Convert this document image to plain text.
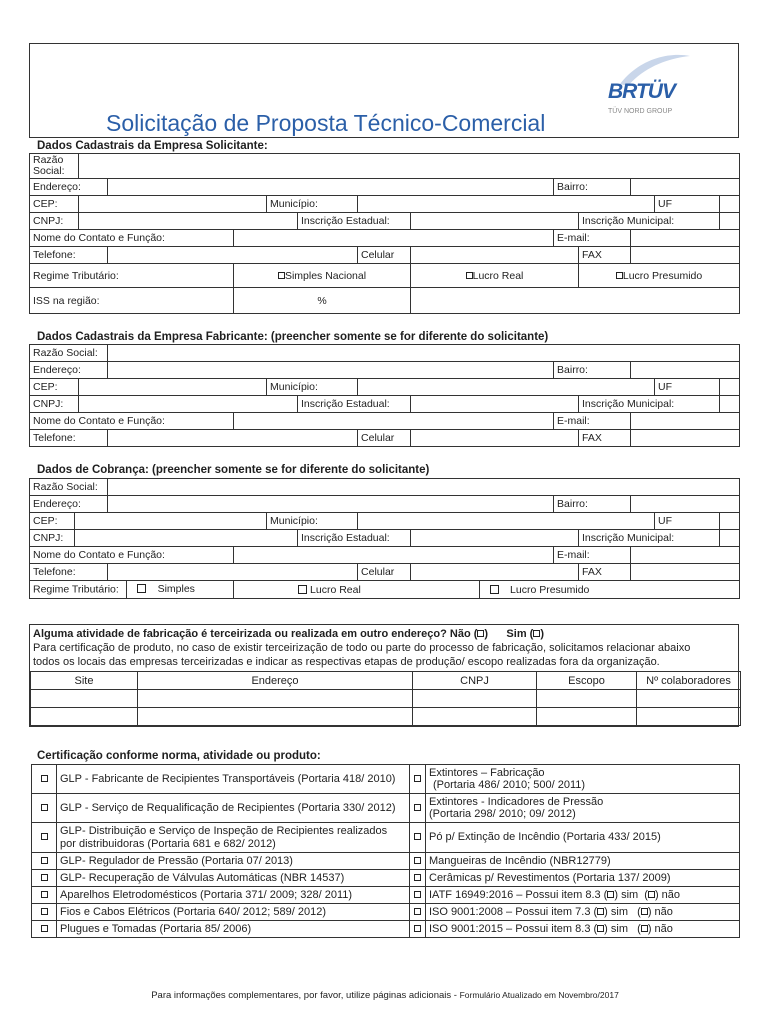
Solicitação de Proposta Técnico-Comercial
BRTÜV
TÜV NORD GROUP
Dados Cadastrais da Empresa Solicitante:
Razão Social:												
Endereço:								Bairro:				
CEP:				Município:							UF	
CNPJ:					Inscrição Estadual:				Inscrição Municipal:			
Nome do Contato e Função:								E-mail:				
Telefone:						Celular			FAX			
Regime Tributário:			Simples Nacional				Lucro Real		Lucro Presumido			
ISS na região:			%									
Dados Cadastrais da Empresa Fabricante: (preencher somente se for diferente do solicitante)
Razão Social:												
Endereço:								Bairro:				
CEP:				Município:							UF	
CNPJ:					Inscrição Estadual:				Inscrição Municipal:			
Nome do Contato e Função:								E-mail:				
Telefone:						Celular			FAX			
Dados de Cobrança: (preencher somente se for diferente do solicitante)
Razão Social:													
Endereço:									Bairro:				
CEP:				Município:								UF	
CNPJ:					Inscrição Estadual:					Inscrição Municipal:			
Nome do Contato e Função:									E-mail:				
Telefone:						Celular				FAX			
Regime Tributário: Simples			Lucro Real					Lucro Presumido					
Alguma atividade de fabricação é terceirizada ou realizada em outro endereço? Não ( )      Sim ( )
Para certificação de produto, no caso de existir terceirização de todo ou parte do processo de fabricação, solicitamos relacionar abaixo todos os locais das empresas terceirizadas e indicar as respectivas etapas de produção/ escopo realizadas fora da organização.
Site	Endereço	CNPJ	Escopo	Nº colaboradores

Certificação conforme norma, atividade ou produto:
	GLP - Fabricante de Recipientes Transportáveis (Portaria 418/ 2010)		Extintores – Fabricação
(Portaria 486/ 2010; 500/ 2011)
	GLP - Serviço de Requalificação de Recipientes (Portaria 330/ 2012)		Extintores - Indicadores de Pressão
(Portaria 298/ 2010; 09/ 2012)
	GLP- Distribuição e Serviço de Inspeção de Recipientes realizados por distribuidoras (Portaria 681 e 682/ 2012)		Pó p/ Extinção de Incêndio (Portaria 433/ 2015)
	GLP- Regulador de Pressão (Portaria 07/ 2013)		Mangueiras de Incêndio (NBR12779)
	GLP- Recuperação de Válvulas Automáticas (NBR 14537)		Cerâmicas p/ Revestimentos (Portaria 137/ 2009)
	Aparelhos Eletrodomésticos (Portaria 371/ 2009; 328/ 2011)		IATF 16949:2016 – Possui item 8.3 ( ) sim  ( ) não
	Fios e Cabos Elétricos (Portaria 640/ 2012; 589/ 2012)		ISO 9001:2008 – Possui item 7.3 ( ) sim   ( ) não
	Plugues e Tomadas (Portaria 85/ 2006)		ISO 9001:2015 – Possui item 8.3 ( ) sim   ( ) não
Para informações complementares, por favor, utilize páginas adicionais - Formulário Atualizado em Novembro/2017
